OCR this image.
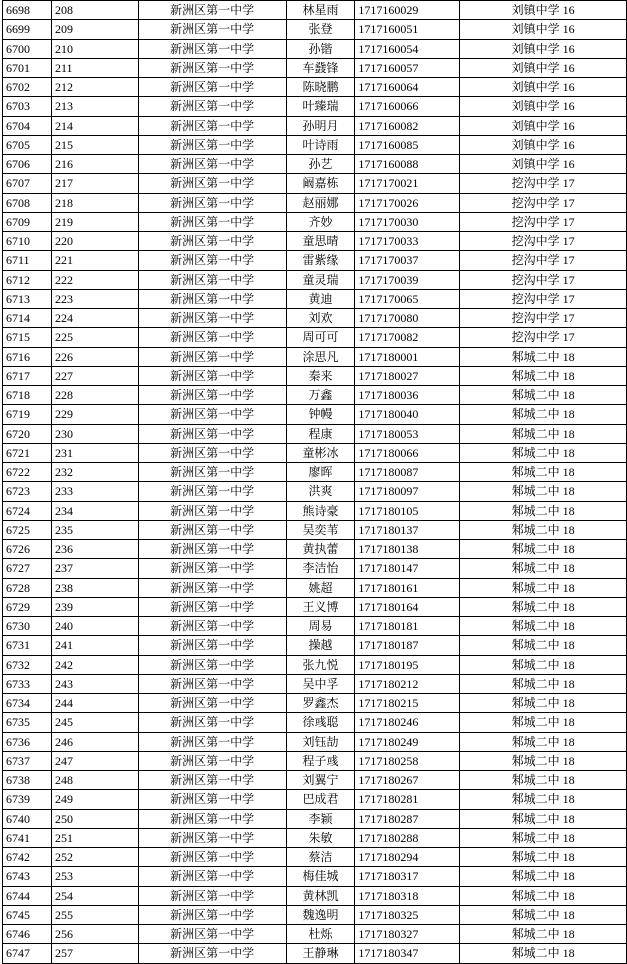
6698	208	新洲区第一中学	林星雨	1717160029	刘镇中学 16
6699	209	新洲区第一中学	张登	1717160051	刘镇中学 16
6700	210	新洲区第一中学	孙锴	1717160054	刘镇中学 16
6701	211	新洲区第一中学	车鼗锋	1717160057	刘镇中学 16
6702	212	新洲区第一中学	陈晓鹏	1717160064	刘镇中学 16
6703	213	新洲区第一中学	叶臻瑞	1717160066	刘镇中学 16
6704	214	新洲区第一中学	孙明月	1717160082	刘镇中学 16
6705	215	新洲区第一中学	叶诗雨	1717160085	刘镇中学 16
6706	216	新洲区第一中学	孙艺	1717160088	刘镇中学 16
6707	217	新洲区第一中学	阚嘉栋	1717170021	挖沟中学 17
6708	218	新洲区第一中学	赵丽娜	1717170026	挖沟中学 17
6709	219	新洲区第一中学	齐妙	1717170030	挖沟中学 17
6710	220	新洲区第一中学	童思晴	1717170033	挖沟中学 17
6711	221	新洲区第一中学	雷紫缘	1717170037	挖沟中学 17
6712	222	新洲区第一中学	童灵瑞	1717170039	挖沟中学 17
6713	223	新洲区第一中学	黄迪	1717170065	挖沟中学 17
6714	224	新洲区第一中学	刘欢	1717170080	挖沟中学 17
6715	225	新洲区第一中学	周可可	1717170082	挖沟中学 17
6716	226	新洲区第一中学	涂思凡	1717180001	邾城二中 18
6717	227	新洲区第一中学	秦来	1717180027	邾城二中 18
6718	228	新洲区第一中学	万鑫	1717180036	邾城二中 18
6719	229	新洲区第一中学	钟幔	1717180040	邾城二中 18
6720	230	新洲区第一中学	程康	1717180053	邾城二中 18
6721	231	新洲区第一中学	童彬冰	1717180066	邾城二中 18
6722	232	新洲区第一中学	廖晖	1717180087	邾城二中 18
6723	233	新洲区第一中学	洪爽	1717180097	邾城二中 18
6724	234	新洲区第一中学	熊诗豪	1717180105	邾城二中 18
6725	235	新洲区第一中学	吴奕苇	1717180137	邾城二中 18
6726	236	新洲区第一中学	黄执蕾	1717180138	邾城二中 18
6727	237	新洲区第一中学	李洁怡	1717180147	邾城二中 18
6728	238	新洲区第一中学	姚超	1717180161	邾城二中 18
6729	239	新洲区第一中学	王义博	1717180164	邾城二中 18
6730	240	新洲区第一中学	周易	1717180181	邾城二中 18
6731	241	新洲区第一中学	操越	1717180187	邾城二中 18
6732	242	新洲区第一中学	张九悦	1717180195	邾城二中 18
6733	243	新洲区第一中学	吴中孚	1717180212	邾城二中 18
6734	244	新洲区第一中学	罗鑫杰	1717180215	邾城二中 18
6735	245	新洲区第一中学	徐彧聪	1717180246	邾城二中 18
6736	246	新洲区第一中学	刘钰劼	1717180249	邾城二中 18
6737	247	新洲区第一中学	程子彧	1717180258	邾城二中 18
6738	248	新洲区第一中学	刘翼宁	1717180267	邾城二中 18
6739	249	新洲区第一中学	巴成君	1717180281	邾城二中 18
6740	250	新洲区第一中学	李颖	1717180287	邾城二中 18
6741	251	新洲区第一中学	朱敏	1717180288	邾城二中 18
6742	252	新洲区第一中学	蔡洁	1717180294	邾城二中 18
6743	253	新洲区第一中学	梅佳城	1717180317	邾城二中 18
6744	254	新洲区第一中学	黄林凯	1717180318	邾城二中 18
6745	255	新洲区第一中学	魏逸明	1717180325	邾城二中 18
6746	256	新洲区第一中学	杜烁	1717180327	邾城二中 18
6747	257	新洲区第一中学	王静琳	1717180347	邾城二中 18
